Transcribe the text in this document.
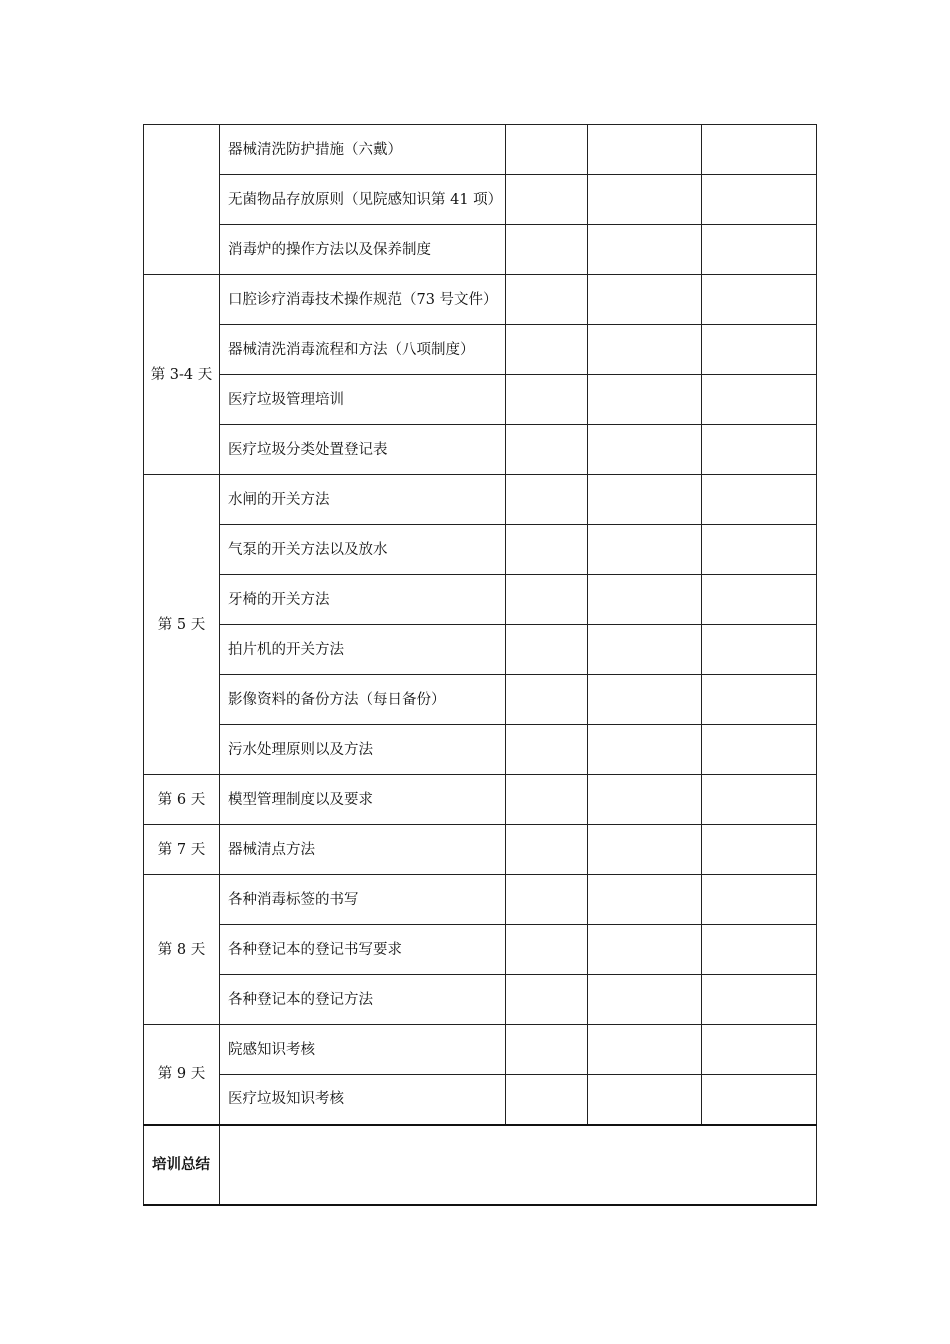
	器械清洗防护措施（六戴）			
	无菌物品存放原则（见院感知识第 41 项）			
	消毒炉的操作方法以及保养制度			
第 3-4 天	口腔诊疗消毒技术操作规范（73 号文件）			
	器械清洗消毒流程和方法（八项制度）			
	医疗垃圾管理培训			
	医疗垃圾分类处置登记表			
第 5 天	水闸的开关方法			
	气泵的开关方法以及放水			
	牙椅的开关方法			
	拍片机的开关方法			
	影像资料的备份方法（每日备份）			
	污水处理原则以及方法			
第 6 天	模型管理制度以及要求			
第 7 天	器械清点方法			
第 8 天	各种消毒标签的书写			
	各种登记本的登记书写要求			
	各种登记本的登记方法			
第 9 天	院感知识考核			
	医疗垃圾知识考核			
培训总结				
